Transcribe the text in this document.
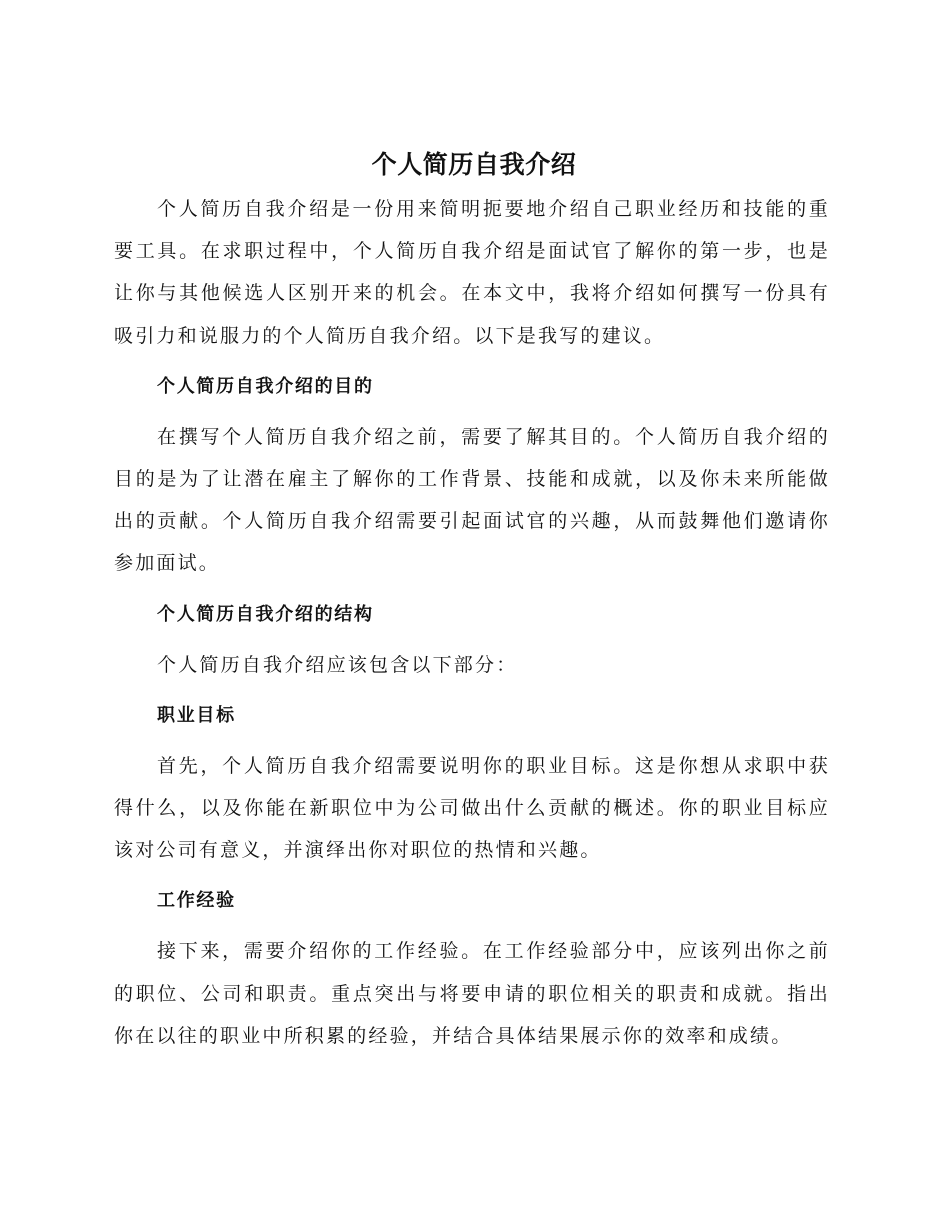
个人简历自我介绍

个人简历自我介绍是一份用来简明扼要地介绍自己职业经历和技能的重要工具。在求职过程中，个人简历自我介绍是面试官了解你的第一步，也是让你与其他候选人区别开来的机会。在本文中，我将介绍如何撰写一份具有吸引力和说服力的个人简历自我介绍。以下是我写的建议。

个人简历自我介绍的目的

在撰写个人简历自我介绍之前，需要了解其目的。个人简历自我介绍的目的是为了让潜在雇主了解你的工作背景、技能和成就，以及你未来所能做出的贡献。个人简历自我介绍需要引起面试官的兴趣，从而鼓舞他们邀请你参加面试。

个人简历自我介绍的结构

个人简历自我介绍应该包含以下部分：

职业目标

首先，个人简历自我介绍需要说明你的职业目标。这是你想从求职中获得什么，以及你能在新职位中为公司做出什么贡献的概述。你的职业目标应该对公司有意义，并演绎出你对职位的热情和兴趣。

工作经验

接下来，需要介绍你的工作经验。在工作经验部分中，应该列出你之前的职位、公司和职责。重点突出与将要申请的职位相关的职责和成就。指出你在以往的职业中所积累的经验，并结合具体结果展示你的效率和成绩。
